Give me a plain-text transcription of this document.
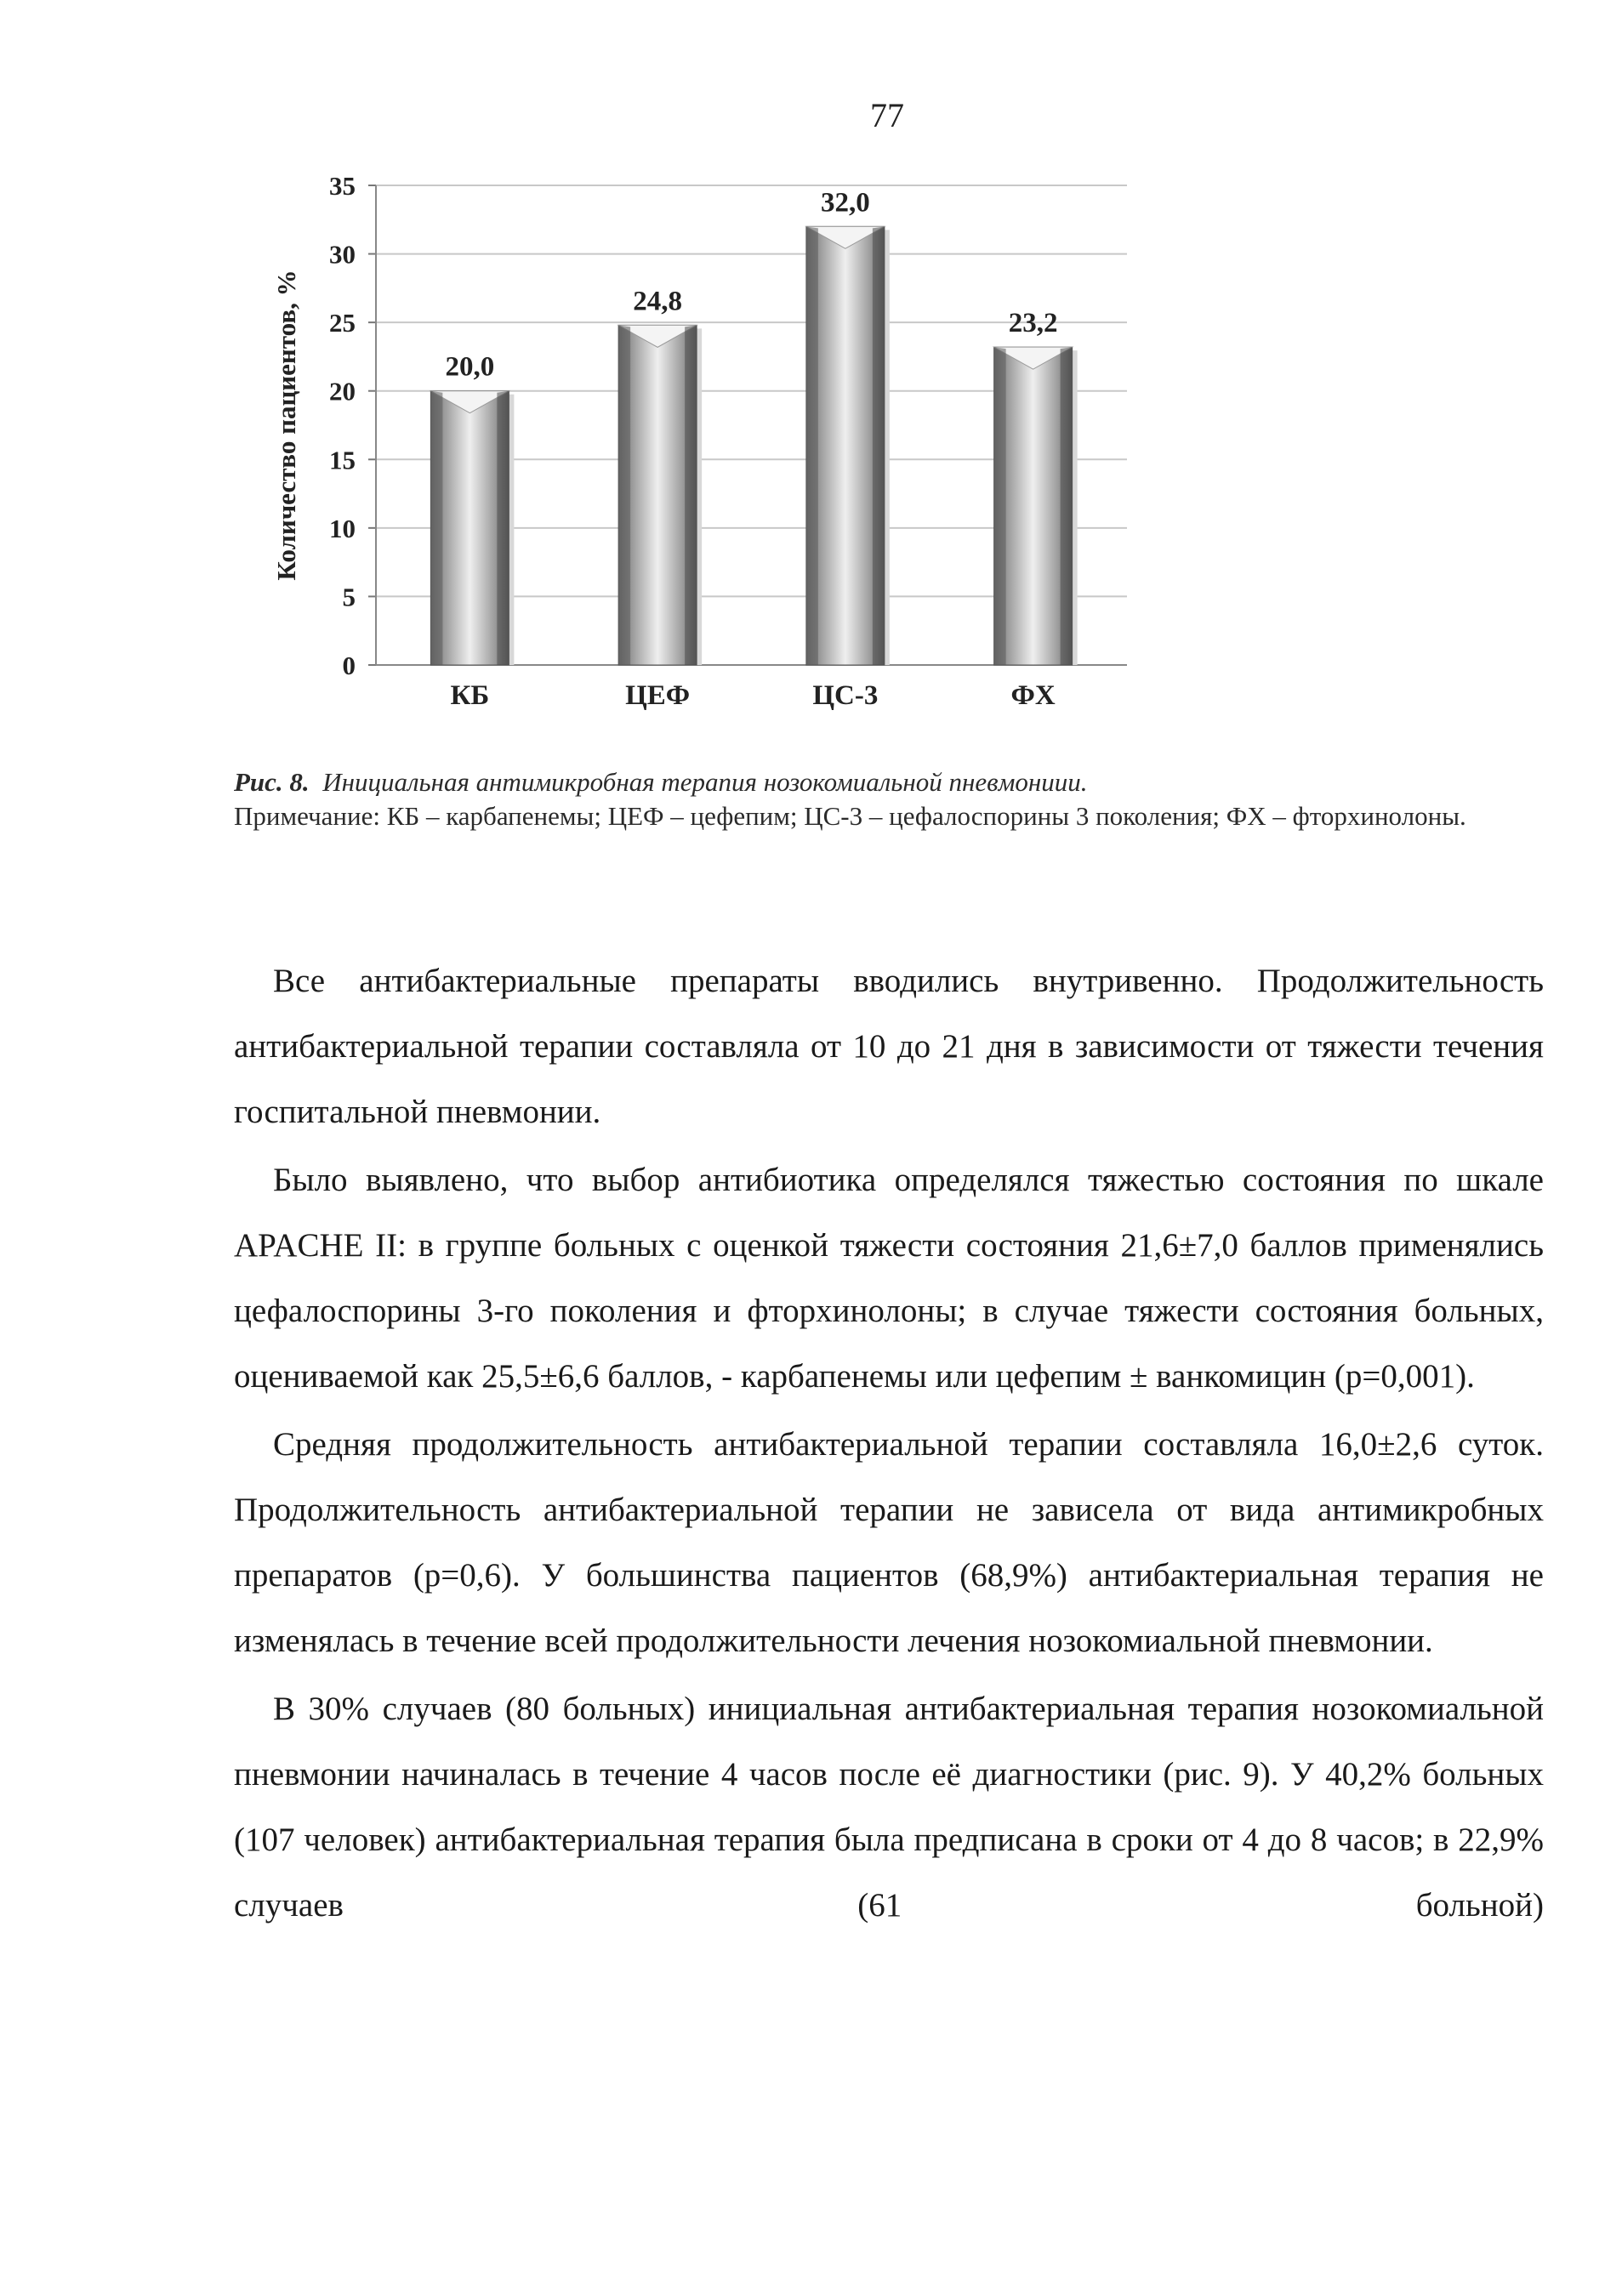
77
Количество пациентов, %
0
5
10
15
20
25
30
35
20,0
КБ
24,8
ЦЕФ
32,0
ЦС-3
23,2
ФХ
Рис. 8. Инициальная антимикробная терапия нозокомиальной пневмониии.
Примечание: КБ – карбапенемы; ЦЕФ – цефепим; ЦС-3 – цефалоспорины 3 поколения; ФХ – фторхинолоны.

Все антибактериальные препараты вводились внутривенно. Продолжительность антибактериальной терапии составляла от 10 до 21 дня в зависимости от тяжести течения госпитальной пневмонии.

Было выявлено, что выбор антибиотика определялся тяжестью состояния по шкале APACHE II: в группе больных с оценкой тяжести состояния 21,6±7,0 баллов применялись цефалоспорины 3-го поколения и фторхинолоны; в случае тяжести состояния больных, оцениваемой как 25,5±6,6 баллов, - карбапенемы или цефепим ± ванкомицин (р=0,001).

Средняя продолжительность антибактериальной терапии составляла 16,0±2,6 суток. Продолжительность антибактериальной терапии не зависела от вида антимикробных препаратов (р=0,6). У большинства пациентов (68,9%) антибактериальная терапия не изменялась в течение всей продолжительности лечения нозокомиальной пневмонии.

В 30% случаев (80 больных) инициальная антибактериальная терапия нозокомиальной пневмонии начиналась в течение 4 часов после её диагностики (рис. 9). У 40,2% больных (107 человек) антибактериальная терапия была предписана в сроки от 4 до 8 часов; в 22,9% случаев (61 больной)
